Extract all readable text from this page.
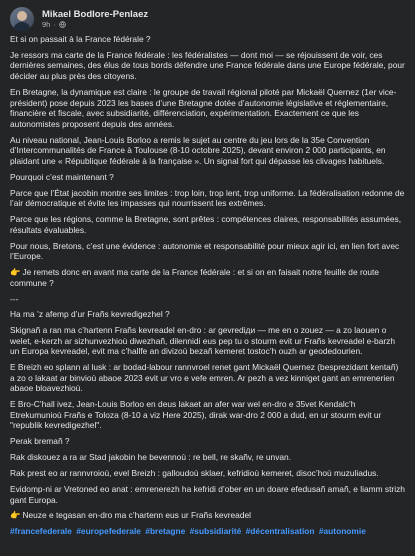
Mikael Bodlore-Penlaez
9h ·

Et si on passait à la France fédérale ?

Je ressors ma carte de la France fédérale : les fédéralistes — dont moi — se réjouissent de voir, ces dernières semaines, des élus de tous bords défendre une France fédérale dans une Europe fédérale, pour décider au plus près des citoyens.

En Bretagne, la dynamique est claire : le groupe de travail régional piloté par Mickaël Quernez (1er vice-président) pose depuis 2023 les bases d’une Bretagne dotée d’autonomie législative et réglementaire, financière et fiscale, avec subsidiarité, différenciation, expérimentation. Exactement ce que les autonomistes proposent depuis des années.

Au niveau national, Jean-Louis Borloo a remis le sujet au centre du jeu lors de la 35e Convention d’Intercommunalités de France à Toulouse (8-10 octobre 2025), devant environ 2 000 participants, en plaidant une « République fédérale à la française ». Un signal fort qui dépasse les clivages habituels.

Pourquoi c’est maintenant ?

Parce que l’État jacobin montre ses limites : trop loin, trop lent, trop uniforme. La fédéralisation redonne de l’air démocratique et évite les impasses qui nourrissent les extrêmes.

Parce que les régions, comme la Bretagne, sont prêtes : compétences claires, responsabilités assumées, résultats évaluables.

Pour nous, Bretons, c’est une évidence : autonomie et responsabilité pour mieux agir ici, en lien fort avec l’Europe.

👉 Je remets donc en avant ma carte de la France fédérale : et si on en faisait notre feuille de route commune ?

---

Ha ma ’z afemp d’ur Frañs kevredigezhel ?

Skignañ a ran ma c’hartenn Frañs kevreadel en-dro : ar gevrediди — me en o zouez — a zo laouen o welet, e-kerzh ar sizhunvezhioù diwezhañ, dilennidi eus pep tu o stourm evit ur Frañs kevreadel e-barzh un Europa kevreadel, evit ma c’hallfe an divizoù bezañ kemeret tostoc’h ouzh ar geodedourien.

E Breizh eo splann al lusk : ar bodad-labour rannvroel renet gant Mickaël Quernez (besprezidant kentañ) a zo o lakaat ar binvioù abaoe 2023 evit ur vro e vefe emren. Ar pezh a vez kinniget gant an emrenerien abaoe bloavezhioù.

E Bro-C’hall ivez, Jean-Louis Borloo en deus lakaet an afer war wel en-dro e 35vet Kendalc’h Etrekumunioù Frañs e Toloza (8-10 a viz Here 2025), dirak war-dro 2 000 a dud, en ur stourm evit ur "republik kevredigezhel".

Perak bremañ ?

Rak diskouez a ra ar Stad jakobin he bevennoù : re bell, re skañv, re unvan.

Rak prest eo ar rannvroioù, evel Breizh : galloudoù sklaer, kefridioù kemeret, disoc’hoù muzuliadus.

Evidomp-ni ar Vretoned eo anat : emrenerezh ha kefridi d’ober en un doare efedusañ amañ, e liamm strizh gant Europa.

👉 Neuze e tegasan en-dro ma c’hartenn eus ur Frañs kevreadel

#francefederale #europefederale #bretagne #subsidiarité #décentralisation #autonomie
